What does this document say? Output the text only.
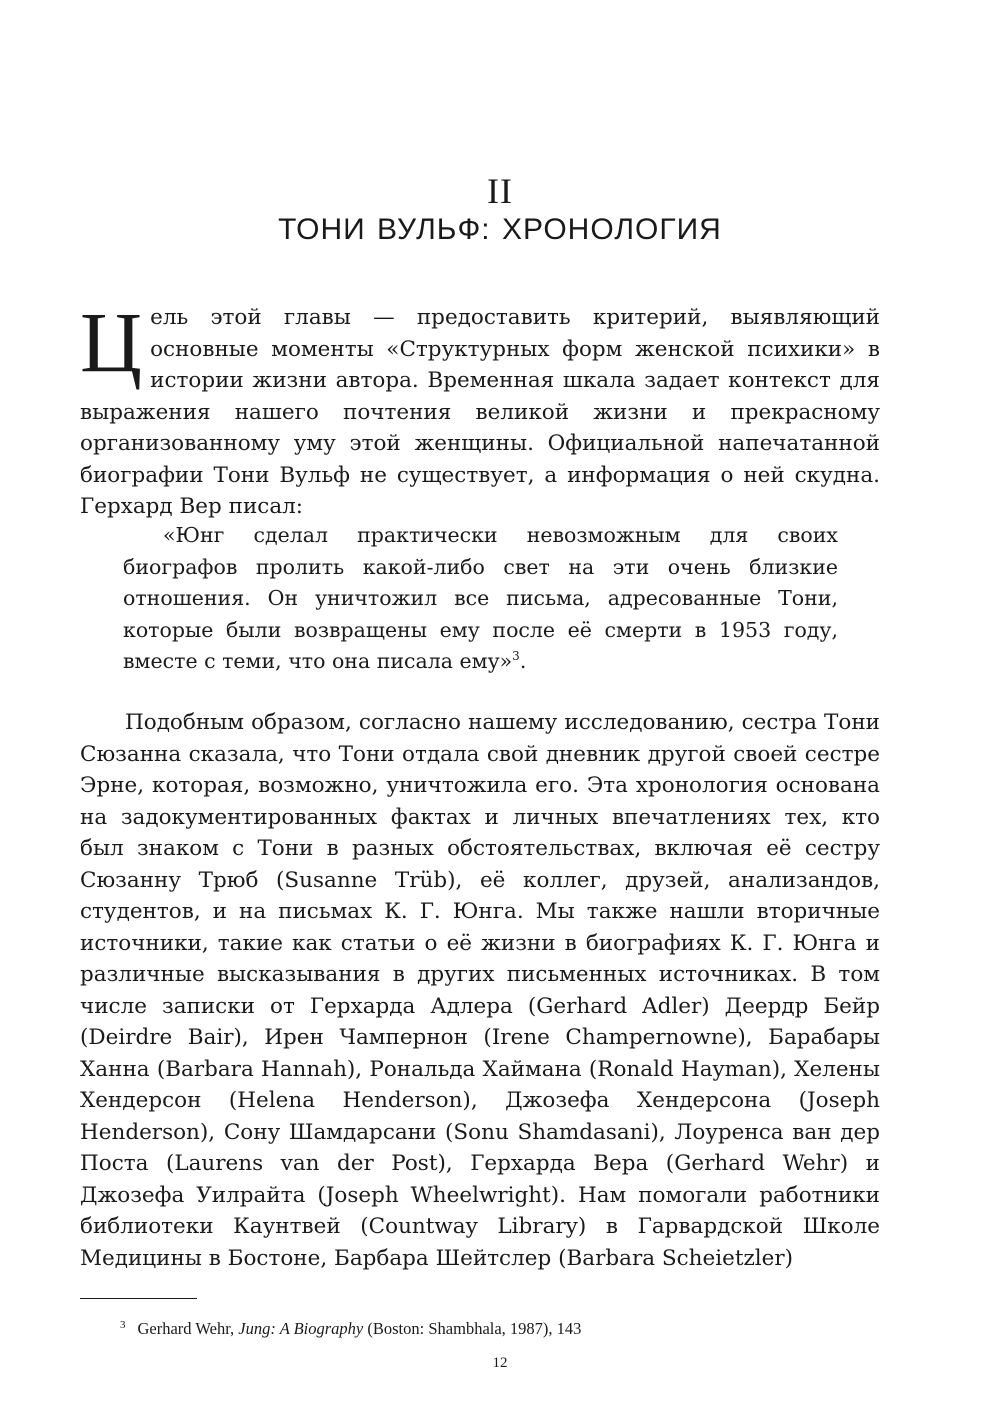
II
ТОНИ ВУЛЬФ: ХРОНОЛОГИЯ

Цель этой главы — предоставить критерий, выявляющий основные моменты «Структурных форм женской психики» в истории жизни автора. Временная шкала задает контекст для выражения нашего почтения великой жизни и прекрасному организованному уму этой женщины. Официальной напечатанной биографии Тони Вульф не существует, а информация о ней скудна. Герхард Вер писал:

«Юнг сделал практически невозможным для своих биографов пролить какой-либо свет на эти очень близкие отношения. Он уничтожил все письма, адресованные Тони, которые были возвращены ему после её смерти в 1953 году, вместе с теми, что она писала ему»$^3$.

Подобным образом, согласно нашему исследованию, сестра Тони Сюзанна сказала, что Тони отдала свой дневник другой своей сестре Эрне, которая, возможно, уничтожила его. Эта хронология основана на задокументированных фактах и личных впечатлениях тех, кто был знаком с Тони в разных обстоятельствах, включая её сестру Сюзанну Трюб (Susanne Trüb), её коллег, друзей, анализандов, студентов, и на письмах К. Г. Юнга. Мы также нашли вторичные источники, такие как статьи о её жизни в биографиях К. Г. Юнга и различные высказывания в других письменных источниках. В том числе записки от Герхарда Адлера (Gerhard Adler) Деердр Бейр (Deirdre Bair), Ирен Чампернон (Irene Champernowne), Барабары Ханна (Barbara Hannah), Рональда Хаймана (Ronald Hayman), Хелены Хендерсон (Helena Henderson), Джозефа Хендерсона (Joseph Henderson), Сону Шамдарсани (Sonu Shamdasani), Лоуренса ван дер Поста (Laurens van der Post), Герхарда Вера (Gerhard Wehr) и Джозефа Уилрайта (Joseph Wheelwright). Нам помогали работники библиотеки Каунтвей (Countway Library) в Гарвардской Школе Медицины в Бостоне, Барбара Шейтслер (Barbara Scheietzler)

$^3$ Gerhard Wehr, Jung: A Biography (Boston: Shambhala, 1987), 143
12
